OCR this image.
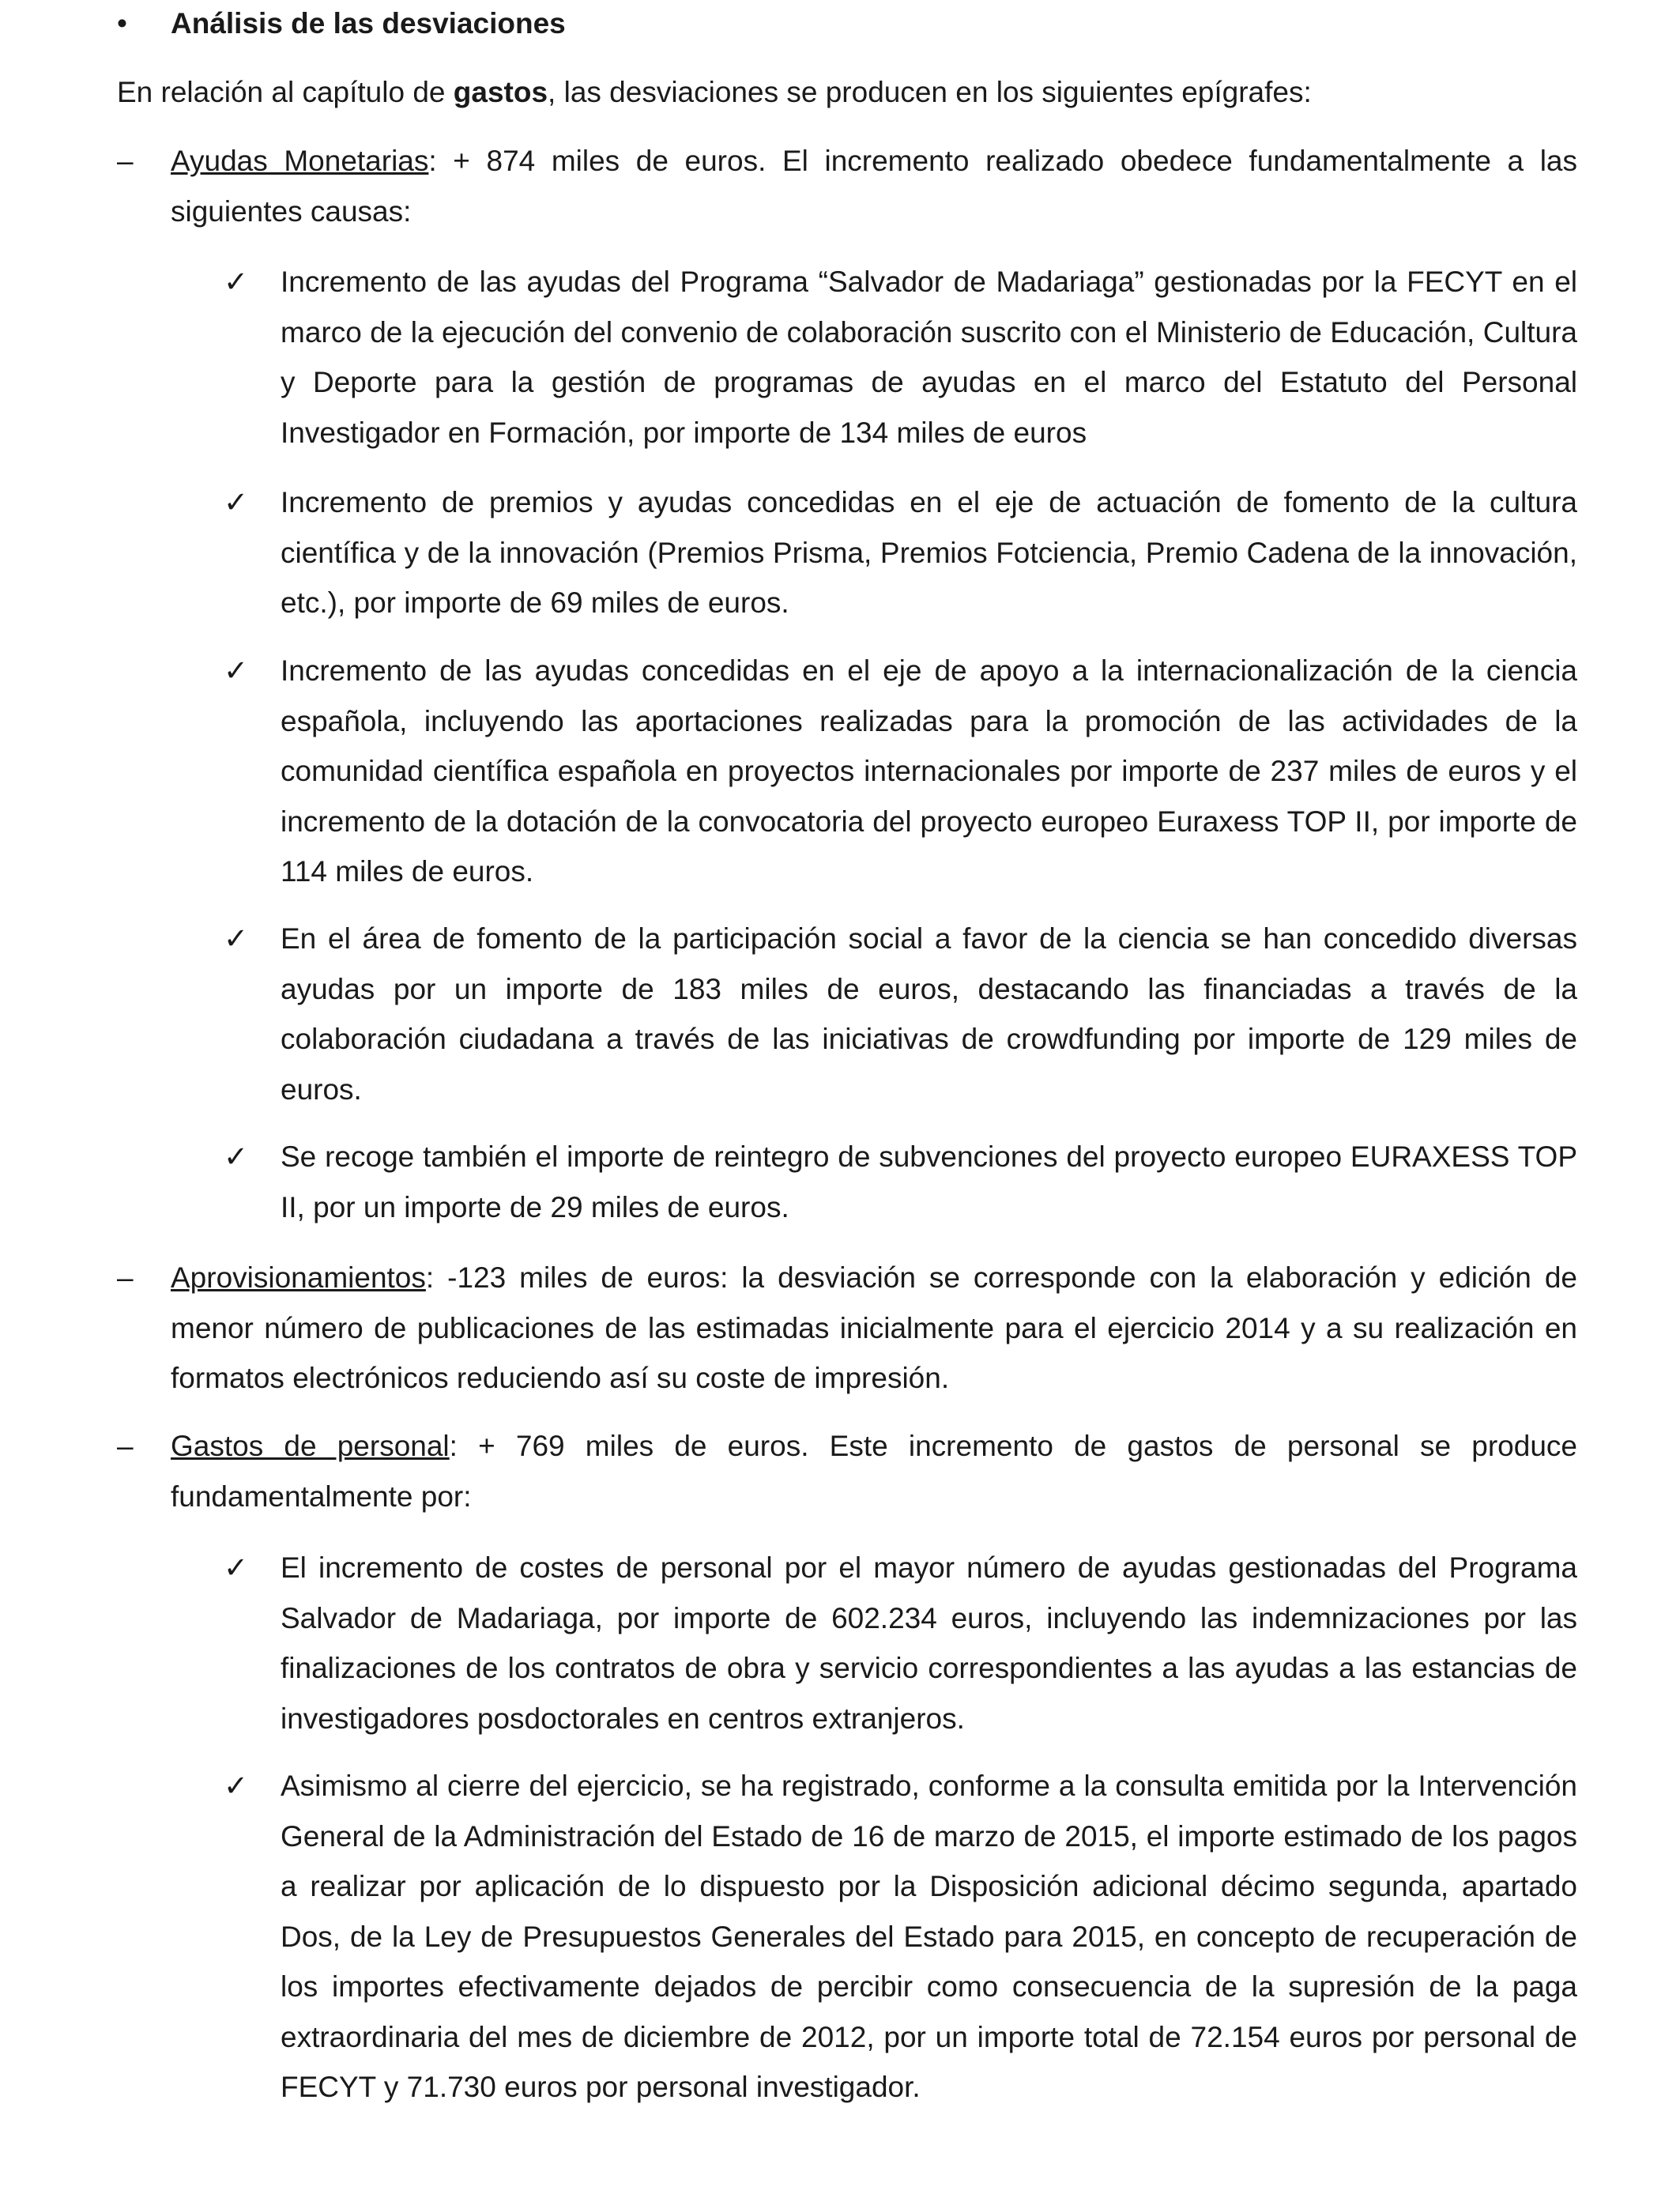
• Análisis de las desviaciones
En relación al capítulo de gastos, las desviaciones se producen en los siguientes epígrafes:
– Ayudas Monetarias: + 874 miles de euros. El incremento realizado obedece fundamentalmente a las siguientes causas:
✓ Incremento de las ayudas del Programa “Salvador de Madariaga” gestionadas por la FECYT en el marco de la ejecución del convenio de colaboración suscrito con el Ministerio de Educación, Cultura y Deporte para la gestión de programas de ayudas en el marco del Estatuto del Personal Investigador en Formación, por importe de 134 miles de euros
✓ Incremento de premios y ayudas concedidas en el eje de actuación de fomento de la cultura científica y de la innovación (Premios Prisma, Premios Fotciencia, Premio Cadena de la innovación, etc.), por importe de 69 miles de euros.
✓ Incremento de las ayudas concedidas en el eje de apoyo a la internacionalización de la ciencia española, incluyendo las aportaciones realizadas para la promoción de las actividades de la comunidad científica española en proyectos internacionales por importe de 237 miles de euros y el incremento de la dotación de la convocatoria del proyecto europeo Euraxess TOP II, por importe de 114 miles de euros.
✓ En el área de fomento de la participación social a favor de la ciencia se han concedido diversas ayudas por un importe de 183 miles de euros, destacando las financiadas a través de la colaboración ciudadana a través de las iniciativas de crowdfunding por importe de 129 miles de euros.
✓ Se recoge también el importe de reintegro de subvenciones del proyecto europeo EURAXESS TOP II, por un importe de 29 miles de euros.
– Aprovisionamientos: -123 miles de euros: la desviación se corresponde con la elaboración y edición de menor número de publicaciones de las estimadas inicialmente para el ejercicio 2014 y a su realización en formatos electrónicos reduciendo así su coste de impresión.
– Gastos de personal: + 769 miles de euros. Este incremento de gastos de personal se produce fundamentalmente por:
✓ El incremento de costes de personal por el mayor número de ayudas gestionadas del Programa Salvador de Madariaga, por importe de 602.234 euros, incluyendo las indemnizaciones por las finalizaciones de los contratos de obra y servicio correspondientes a las ayudas a las estancias de investigadores posdoctorales en centros extranjeros.
✓ Asimismo al cierre del ejercicio, se ha registrado, conforme a la consulta emitida por la Intervención General de la Administración del Estado de 16 de marzo de 2015, el importe estimado de los pagos a realizar por aplicación de lo dispuesto por la Disposición adicional décimo segunda, apartado Dos, de la Ley de Presupuestos Generales del Estado para 2015, en concepto de recuperación de los importes efectivamente dejados de percibir como consecuencia de la supresión de la paga extraordinaria del mes de diciembre de 2012, por un importe total de 72.154 euros por personal de FECYT y 71.730 euros por personal investigador.
